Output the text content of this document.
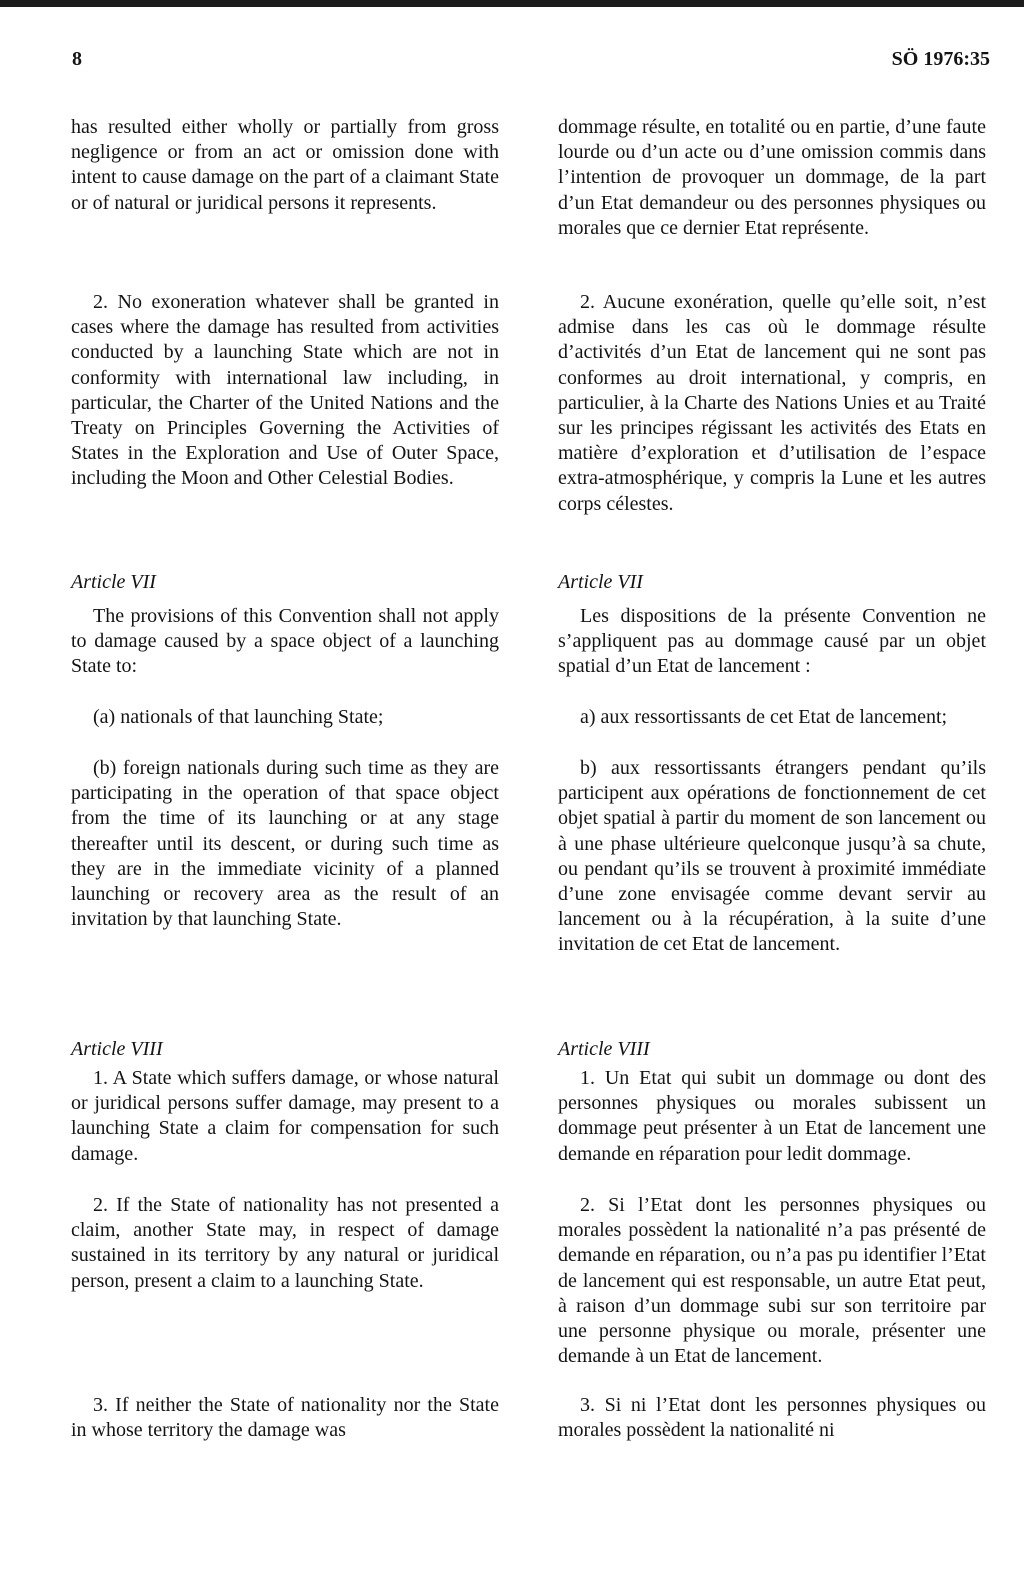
8	SÖ 1976:35

has resulted either wholly or partially from gross negligence or from an act or omission done with intent to cause damage on the part of a claimant State or of natural or juridical persons it represents.

2. No exoneration whatever shall be granted in cases where the damage has resulted from activities conducted by a launching State which are not in conformity with international law including, in particular, the Charter of the United Nations and the Treaty on Principles Governing the Activities of States in the Exploration and Use of Outer Space, including the Moon and Other Celestial Bodies.

Article VII

The provisions of this Convention shall not apply to damage caused by a space object of a launching State to:

(a) nationals of that launching State;

(b) foreign nationals during such time as they are participating in the operation of that space object from the time of its launching or at any stage thereafter until its descent, or during such time as they are in the immediate vicinity of a planned launching or recovery area as the result of an invitation by that launching State.

Article VIII

1. A State which suffers damage, or whose natural or juridical persons suffer damage, may present to a launching State a claim for compensation for such damage.

2. If the State of nationality has not presented a claim, another State may, in respect of damage sustained in its territory by any natural or juridical person, present a claim to a launching State.

3. If neither the State of nationality nor the State in whose territory the damage was

dommage résulte, en totalité ou en partie, d’une faute lourde ou d’un acte ou d’une omission commis dans l’intention de provoquer un dommage, de la part d’un Etat demandeur ou des personnes physiques ou morales que ce dernier Etat représente.

2. Aucune exonération, quelle qu’elle soit, n’est admise dans les cas où le dommage résulte d’activités d’un Etat de lancement qui ne sont pas conformes au droit international, y compris, en particulier, à la Charte des Nations Unies et au Traité sur les principes régissant les activités des Etats en matière d’exploration et d’utilisation de l’espace extra-atmosphérique, y compris la Lune et les autres corps célestes.

Article VII

Les dispositions de la présente Convention ne s’appliquent pas au dommage causé par un objet spatial d’un Etat de lancement :

a) aux ressortissants de cet Etat de lancement;

b) aux ressortissants étrangers pendant qu’ils participent aux opérations de fonctionnement de cet objet spatial à partir du moment de son lancement ou à une phase ultérieure quelconque jusqu’à sa chute, ou pendant qu’ils se trouvent à proximité immédiate d’une zone envisagée comme devant servir au lancement ou à la récupération, à la suite d’une invitation de cet Etat de lancement.

Article VIII

1. Un Etat qui subit un dommage ou dont des personnes physiques ou morales subissent un dommage peut présenter à un Etat de lancement une demande en réparation pour ledit dommage.

2. Si l’Etat dont les personnes physiques ou morales possèdent la nationalité n’a pas présenté de demande en réparation, ou n’a pas pu identifier l’Etat de lancement qui est responsable, un autre Etat peut, à raison d’un dommage subi sur son territoire par une personne physique ou morale, présenter une demande à un Etat de lancement.

3. Si ni l’Etat dont les personnes physiques ou morales possèdent la nationalité ni
